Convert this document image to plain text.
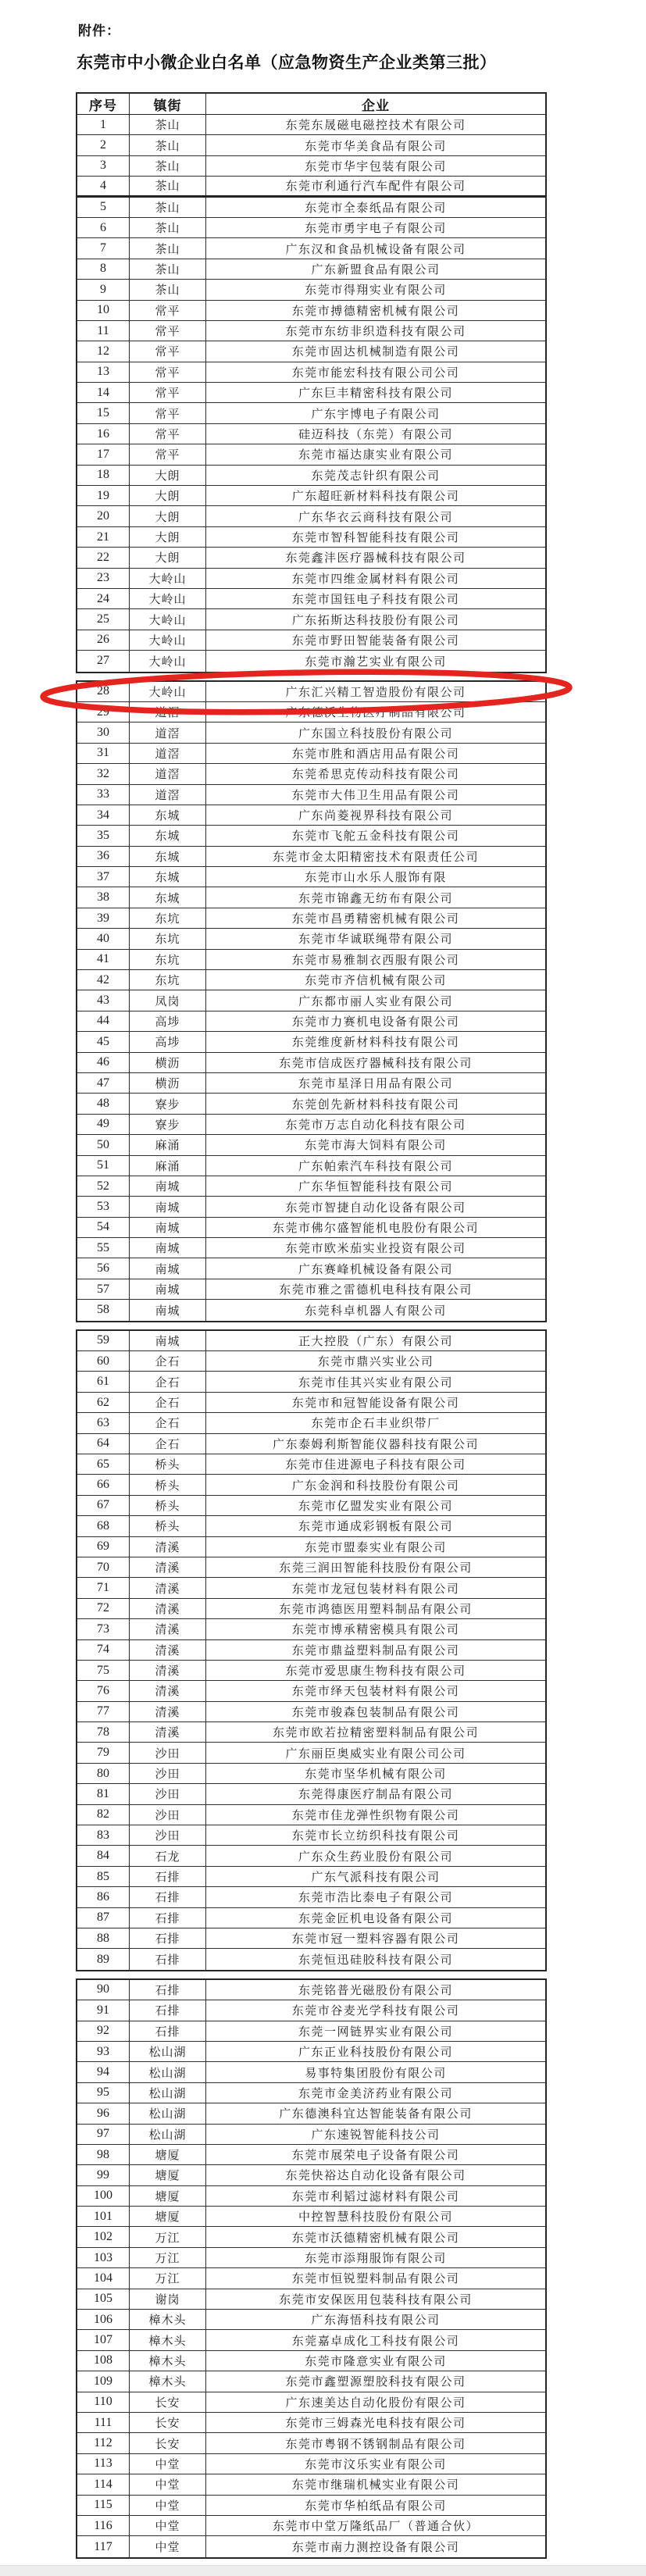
附件：
东莞市中小微企业白名单（应急物资生产企业类第三批）
序号	镇街	企业
1	茶山	东莞东晟磁电磁控技术有限公司
2	茶山	东莞市华美食品有限公司
3	茶山	东莞市华宇包装有限公司
4	茶山	东莞市利通行汽车配件有限公司
5	茶山	东莞市全泰纸品有限公司
6	茶山	东莞市勇宇电子有限公司
7	茶山	广东汉和食品机械设备有限公司
8	茶山	广东新盟食品有限公司
9	茶山	东莞市得翔实业有限公司
10	常平	东莞市搏德精密机械有限公司
11	常平	东莞市东纺非织造科技有限公司
12	常平	东莞市固达机械制造有限公司
13	常平	东莞市能宏科技有限公司公司
14	常平	广东巨丰精密科技有限公司
15	常平	广东宇博电子有限公司
16	常平	硅迈科技（东莞）有限公司
17	常平	东莞市福达康实业有限公司
18	大朗	东莞茂志针织有限公司
19	大朗	广东超旺新材料科技有限公司
20	大朗	广东华衣云商科技有限公司
21	大朗	东莞市智科智能科技有限公司
22	大朗	东莞鑫沣医疗器械科技有限公司
23	大岭山	东莞市四维金属材料有限公司
24	大岭山	东莞市国钰电子科技有限公司
25	大岭山	广东拓斯达科技股份有限公司
26	大岭山	东莞市野田智能装备有限公司
27	大岭山	东莞市瀚艺实业有限公司
28	大岭山	广东汇兴精工智造股份有限公司
29	道滘	广东德沃生物医疗制品有限公司
30	道滘	广东国立科技股份有限公司
31	道滘	东莞市胜和酒店用品有限公司
32	道滘	东莞希思克传动科技有限公司
33	道滘	东莞市大伟卫生用品有限公司
34	东城	广东尚菱视界科技有限公司
35	东城	东莞市飞舵五金科技有限公司
36	东城	东莞市金太阳精密技术有限责任公司
37	东城	东莞市山水乐人服饰有限
38	东城	东莞市锦鑫无纺布有限公司
39	东坑	东莞市昌勇精密机械有限公司
40	东坑	东莞市华诚联绳带有限公司
41	东坑	东莞市易雅制衣西服有限公司
42	东坑	东莞市齐信机械有限公司
43	凤岗	广东都市丽人实业有限公司
44	高埗	东莞市力赛机电设备有限公司
45	高埗	东莞维度新材料科技有限公司
46	横沥	东莞市信成医疗器械科技有限公司
47	横沥	东莞市星泽日用品有限公司
48	寮步	东莞创先新材料科技有限公司
49	寮步	东莞市万志自动化科技有限公司
50	麻涌	东莞市海大饲料有限公司
51	麻涌	广东帕索汽车科技有限公司
52	南城	广东华恒智能科技有限公司
53	南城	东莞市智捷自动化设备有限公司
54	南城	东莞市佛尔盛智能机电股份有限公司
55	南城	东莞市欧米茄实业投资有限公司
56	南城	广东赛峰机械设备有限公司
57	南城	东莞市雅之雷德机电科技有限公司
58	南城	东莞科卓机器人有限公司
59	南城	正大控股（广东）有限公司
60	企石	东莞市鼎兴实业公司
61	企石	东莞市佳其兴实业有限公司
62	企石	东莞市和冠智能设备有限公司
63	企石	东莞市企石丰业织带厂
64	企石	广东泰姆利斯智能仪器科技有限公司
65	桥头	东莞市佳进源电子科技有限公司
66	桥头	广东金润和科技股份有限公司
67	桥头	东莞市亿盟发实业有限公司
68	桥头	东莞市通成彩钢板有限公司
69	清溪	东莞市盟泰实业有限公司
70	清溪	东莞三润田智能科技股份有限公司
71	清溪	东莞市龙冠包装材料有限公司
72	清溪	东莞市鸿德医用塑料制品有限公司
73	清溪	东莞市博承精密模具有限公司
74	清溪	东莞市鼎益塑料制品有限公司
75	清溪	东莞市爱思康生物科技有限公司
76	清溪	东莞市绎天包装材料有限公司
77	清溪	东莞市骏森包装制品有限公司
78	清溪	东莞市欧若拉精密塑料制品有限公司
79	沙田	广东丽臣奥威实业有限公司公司
80	沙田	东莞市坚华机械有限公司
81	沙田	东莞得康医疗制品有限公司
82	沙田	东莞市佳龙弹性织物有限公司
83	沙田	东莞市长立纺织科技有限公司
84	石龙	广东众生药业股份有限公司
85	石排	广东气派科技有限公司
86	石排	东莞市浩比泰电子有限公司
87	石排	东莞金匠机电设备有限公司
88	石排	东莞市冠一塑料容器有限公司
89	石排	东莞恒迅硅胶科技有限公司
90	石排	东莞铭普光磁股份有限公司
91	石排	东莞市谷麦光学科技有限公司
92	石排	东莞一网链界实业有限公司
93	松山湖	广东正业科技股份有限公司
94	松山湖	易事特集团股份有限公司
95	松山湖	东莞市金美济药业有限公司
96	松山湖	广东德澳科宜达智能装备有限公司
97	松山湖	广东速锐智能科技公司
98	塘厦	东莞市展荣电子设备有限公司
99	塘厦	东莞快裕达自动化设备有限公司
100	塘厦	东莞市利韬过滤材料有限公司
101	塘厦	中控智慧科技股份有限公司
102	万江	东莞市沃德精密机械有限公司
103	万江	东莞市添翔服饰有限公司
104	万江	东莞市恒锐塑料制品有限公司
105	谢岗	东莞市安保医用包装科技有限公司
106	樟木头	广东海悟科技有限公司
107	樟木头	东莞嘉卓成化工科技有限公司
108	樟木头	东莞市隆意实业有限公司
109	樟木头	东莞市鑫塑源塑胶科技有限公司
110	长安	广东速美达自动化股份有限公司
111	长安	东莞市三姆森光电科技有限公司
112	长安	东莞市粤钢不锈钢制品有限公司
113	中堂	东莞市汶乐实业有限公司
114	中堂	东莞市继瑞机械实业有限公司
115	中堂	东莞市华柏纸品有限公司
116	中堂	东莞市中堂万隆纸品厂（普通合伙）
117	中堂	东莞市南力测控设备有限公司
